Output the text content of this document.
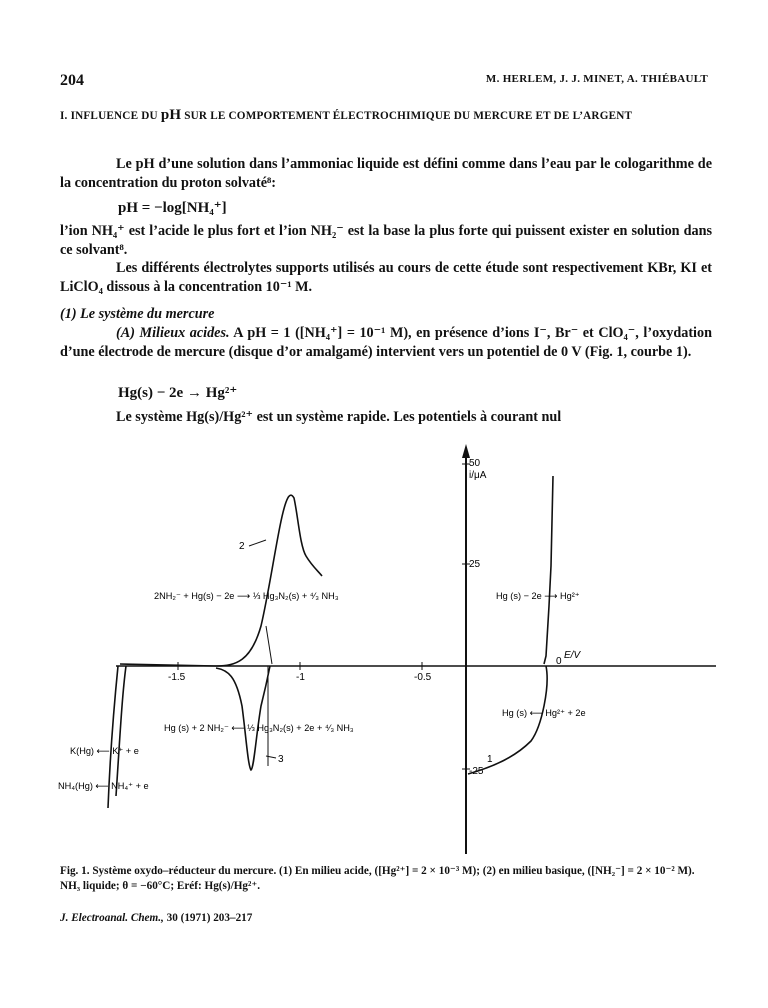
204	M. HERLEM, J. J. MINET, A. THIÉBAULT
I. INFLUENCE DU pH SUR LE COMPORTEMENT ÉLECTROCHIMIQUE DU MERCURE ET DE L’ARGENT

Le pH d’une solution dans l’ammoniac liquide est défini comme dans l’eau par le cologarithme de la concentration du proton solvaté⁸:

pH = −log[NH₄⁺]

l’ion NH₄⁺ est l’acide le plus fort et l’ion NH₂⁻ est la base la plus forte qui puissent exister en solution dans ce solvant⁸.

Les différents électrolytes supports utilisés au cours de cette étude sont respectivement KBr, KI et LiClO₄ dissous à la concentration 10⁻¹ M.

(1) Le système du mercure

(A) Milieux acides. A pH = 1 ([NH₄⁺] = 10⁻¹ M), en présence d’ions I⁻, Br⁻ et ClO₄⁻, l’oxydation d’une électrode de mercure (disque d’or amalgamé) intervient vers un potentiel de 0 V (Fig. 1, courbe 1).

Hg(s) − 2e → Hg²⁺

Le système Hg(s)/Hg²⁺ est un système rapide. Les potentiels à courant nul

50
i/μA
25
-25
-1.5	-1	-0.5
0
E/V
1
2
3
2NH₂⁻ + Hg(s) − 2e ⟶ ⅓ Hg₃N₂(s) + ⁴⁄₃ NH₃
Hg (s) + 2 NH₂⁻ ⟵ ⅓ Hg₃N₂(s) + 2e + ⁴⁄₃ NH₃
Hg (s) − 2e ⟶ Hg²⁺
Hg (s) ⟵ Hg²⁺ + 2e
K(Hg) ⟵ K⁺ + e
NH₄(Hg) ⟵ NH₄⁺ + e
Fig. 1. Système oxydo–réducteur du mercure. (1) En milieu acide, ([Hg²⁺] = 2 × 10⁻³ M); (2) en milieu basique, ([NH₂⁻] = 2 × 10⁻² M). NH₃ liquide; θ = −60°C; Eréf: Hg(s)/Hg²⁺.
J. Electroanal. Chem., 30 (1971) 203–217
